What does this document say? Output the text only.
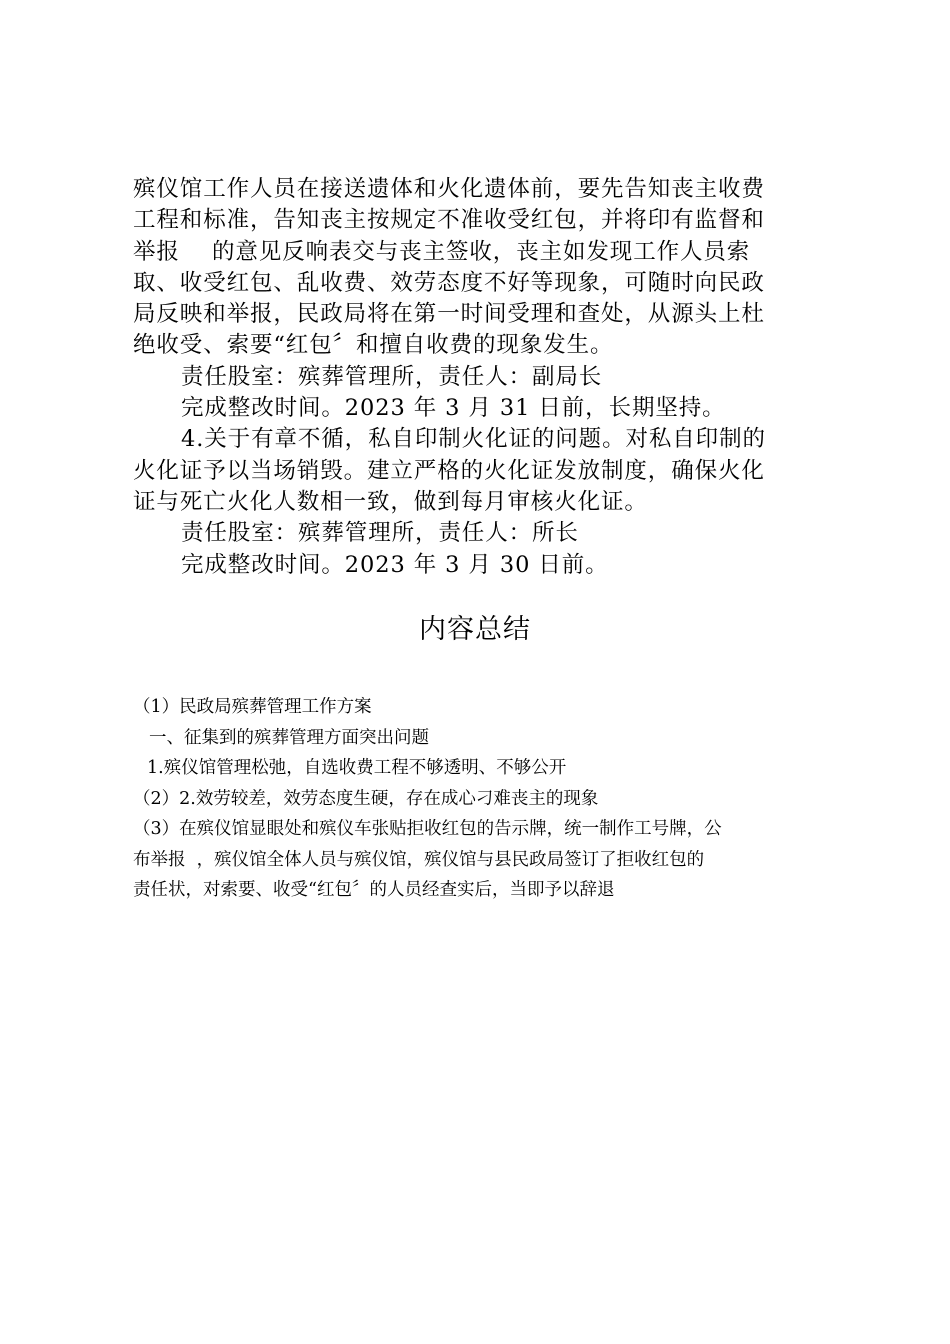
殡仪馆工作人员在接送遗体和火化遗体前，要先告知丧主收费

工程和标准，告知丧主按规定不准收受红包，并将印有监督和

举报    的意见反响表交与丧主签收，丧主如发现工作人员索

取、收受红包、乱收费、效劳态度不好等现象，可随时向民政

局反映和举报，民政局将在第一时间受理和查处，从源头上杜

绝收受、索要“红包〞和擅自收费的现象发生。

责任股室：殡葬管理所，责任人：副局长

完成整改时间。2023 年 3 月 31 日前，长期坚持。

4.关于有章不循，私自印制火化证的问题。对私自印制的

火化证予以当场销毁。建立严格的火化证发放制度，确保火化

证与死亡火化人数相一致，做到每月审核火化证。

责任股室：殡葬管理所，责任人：所长

完成整改时间。2023 年 3 月 30 日前。

内容总结

（1）民政局殡葬管理工作方案

一、征集到的殡葬管理方面突出问题

1.殡仪馆管理松弛，自选收费工程不够透明、不够公开

（2）2.效劳较差，效劳态度生硬，存在成心刁难丧主的现象

（3）在殡仪馆显眼处和殡仪车张贴拒收红包的告示牌，统一制作工号牌，公

布举报  ，殡仪馆全体人员与殡仪馆，殡仪馆与县民政局签订了拒收红包的

责任状，对索要、收受“红包〞的人员经查实后，当即予以辞退
